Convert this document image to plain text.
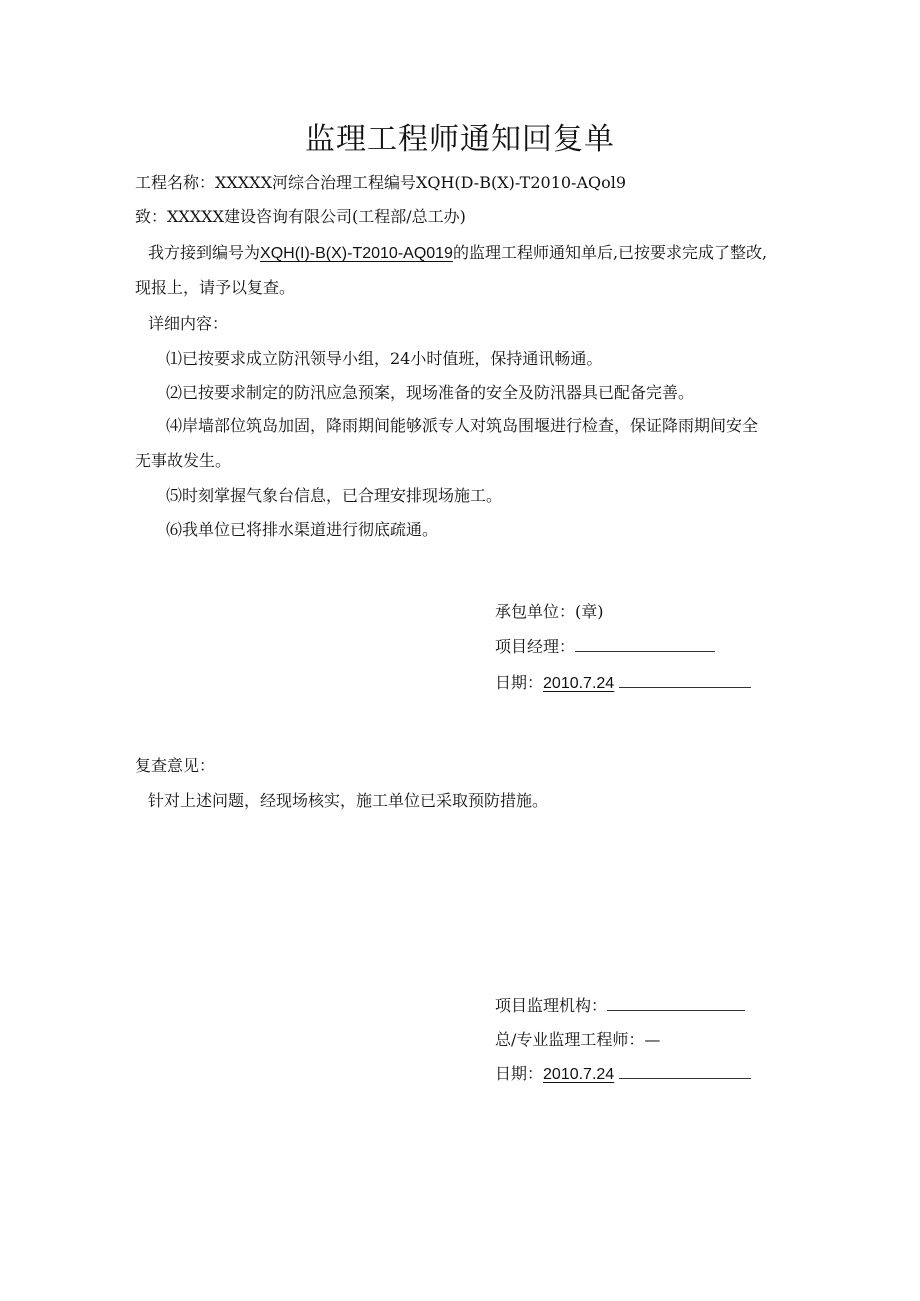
监理工程师通知回复单
工程名称：XXXXX河综合治理工程编号XQH(D-B(X)-T2010-AQol9
致：XXXXX建设咨询有限公司(工程部/总工办)
我方接到编号为XQH(I)-B(X)-T2010-AQ019的监理工程师通知单后,已按要求完成了整改,
现报上，请予以复查。
详细内容：
⑴已按要求成立防汛领导小组，24小时值班，保持通讯畅通。
⑵已按要求制定的防汛应急预案，现场准备的安全及防汛器具已配备完善。
⑷岸墙部位筑岛加固，降雨期间能够派专人对筑岛围堰进行检查，保证降雨期间安全
无事故发生。
⑸时刻掌握气象台信息，已合理安排现场施工。
⑹我单位已将排水渠道进行彻底疏通。
承包单位：(章)
项目经理：
日期：2010.7.24
复查意见：
针对上述问题，经现场核实，施工单位已采取预防措施。
项目监理机构：
总/专业监理工程师：—
日期：2010.7.24
